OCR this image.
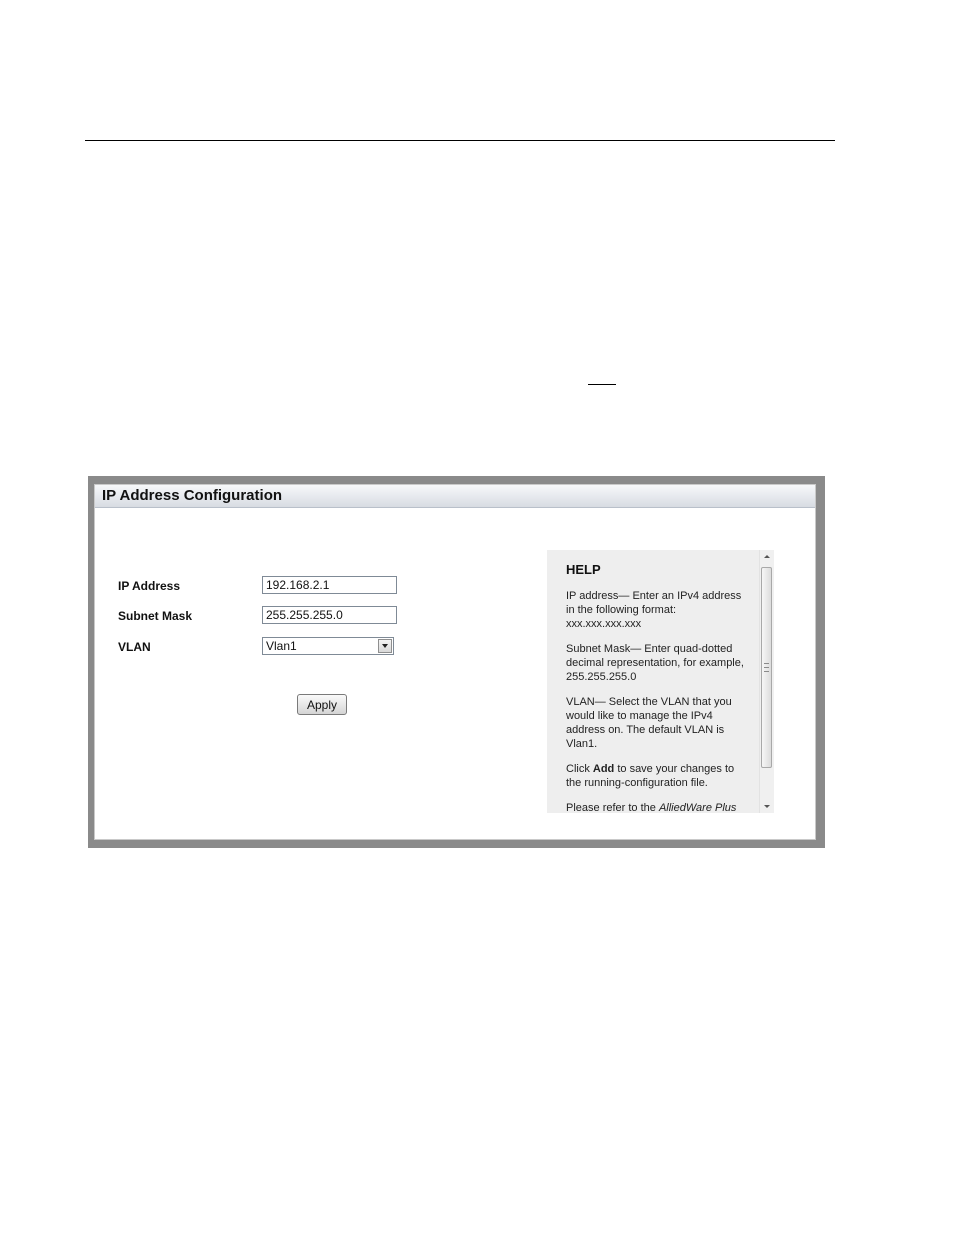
IP Address Configuration
IP Address
192.168.2.1
Subnet Mask
255.255.255.0
VLAN	Vlan1
Apply
HELP

IP address— Enter an IPv4 address in the following format: xxx.xxx.xxx.xxx

Subnet Mask— Enter quad-dotted decimal representation, for example, 255.255.255.0

VLAN— Select the VLAN that you would like to manage the IPv4 address on. The default VLAN is Vlan1.

Click Add to save your changes to the running-configuration file.

Please refer to the AlliedWare Plus
